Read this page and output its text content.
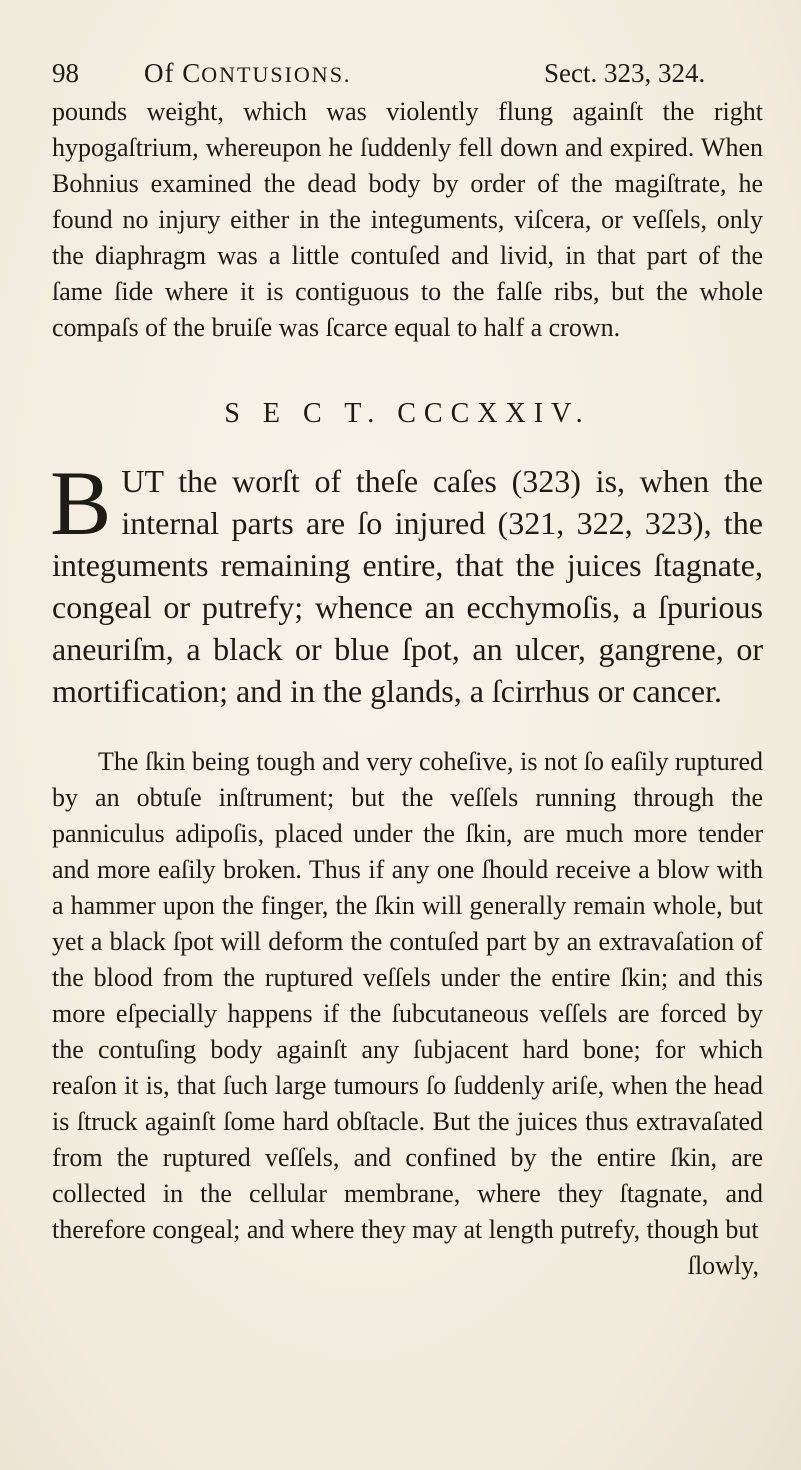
98	Of CONTUSIONS.	Sect. 323, 324.

pounds weight, which was violently flung againſt the right hypogaſtrium, whereupon he ſuddenly fell down and expired. When Bohnius examined the dead body by order of the magiſtrate, he found no injury either in the integuments, viſcera, or veſſels, only the diaphragm was a little contuſed and livid, in that part of the ſame ſide where it is contiguous to the falſe ribs, but the whole compaſs of the bruiſe was ſcarce equal to half a crown.

S E C T. CCCXXIV.
BUT the worſt of theſe caſes (323) is, when the internal parts are ſo injured (321, 322, 323), the integuments remaining entire, that the juices ſtagnate, congeal or putrefy; whence an ecchymoſis, a ſpurious aneuriſm, a black or blue ſpot, an ulcer, gangrene, or mortification; and in the glands, a ſcirrhus or cancer.

The ſkin being tough and very coheſive, is not ſo eaſily ruptured by an obtuſe inſtrument; but the veſſels running through the panniculus adipoſis, placed under the ſkin, are much more tender and more eaſily broken. Thus if any one ſhould receive a blow with a hammer upon the finger, the ſkin will generally remain whole, but yet a black ſpot will deform the contuſed part by an extravaſation of the blood from the ruptured veſſels under the entire ſkin; and this more eſpecially happens if the ſubcutaneous veſſels are forced by the contuſing body againſt any ſubjacent hard bone; for which reaſon it is, that ſuch large tumours ſo ſuddenly ariſe, when the head is ſtruck againſt ſome hard obſtacle. But the juices thus extravaſated from the ruptured veſſels, and confined by the entire ſkin, are collected in the cellular membrane, where they ſtagnate, and therefore congeal; and where they may at length putrefy, though but

ſlowly,
